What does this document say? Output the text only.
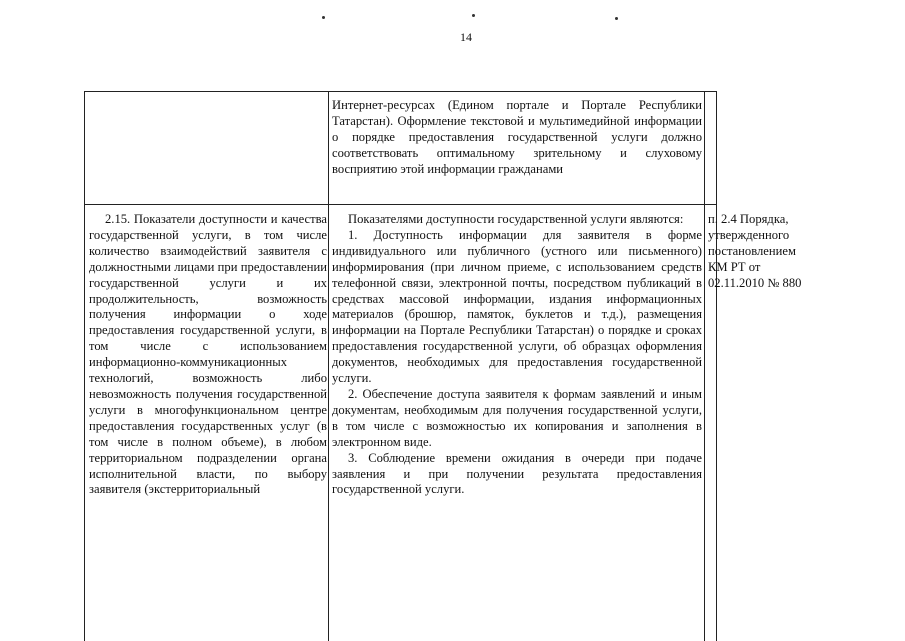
14

Интернет-ресурсах (Едином портале и Портале Республики Татарстан). Оформление текстовой и мультимедийной информации о порядке предоставления государственной услуги должно соответствовать оптимальному зрительному и слуховому восприятию этой информации гражданами

2.15. Показатели доступности и качества государственной услуги, в том числе количество взаимодействий заявителя с должностными лицами при предоставлении государственной услуги и их продолжительность, возможность получения информации о ходе предоставления государственной услуги, в том числе с использованием информационно-коммуникационных технологий, возможность либо невозможность получения государственной услуги в многофункциональном центре предоставления государственных услуг (в том числе в полном объеме), в любом территориальном подразделении органа исполнительной власти, по выбору заявителя (экстерриториальный

Показателями доступности государственной услуги являются:

1. Доступность информации для заявителя в форме индивидуального или публичного (устного или письменного) информирования (при личном приеме, с использованием средств телефонной связи, электронной почты, посредством публикаций в средствах массовой информации, издания информационных материалов (брошюр, памяток, буклетов и т.д.), размещения информации на Портале Республики Татарстан) о порядке и сроках предоставления государственной услуги, об образцах оформления документов, необходимых для предоставления государственной услуги.

2. Обеспечение доступа заявителя к формам заявлений и иным документам, необходимым для получения государственной услуги, в том числе с возможностью их копирования и заполнения в электронном виде.

3. Соблюдение времени ожидания в очереди при подаче заявления и при получении результата предоставления государственной услуги.

п. 2.4 Порядка, утвержденного постановлением КМ РТ от 02.11.2010 № 880
